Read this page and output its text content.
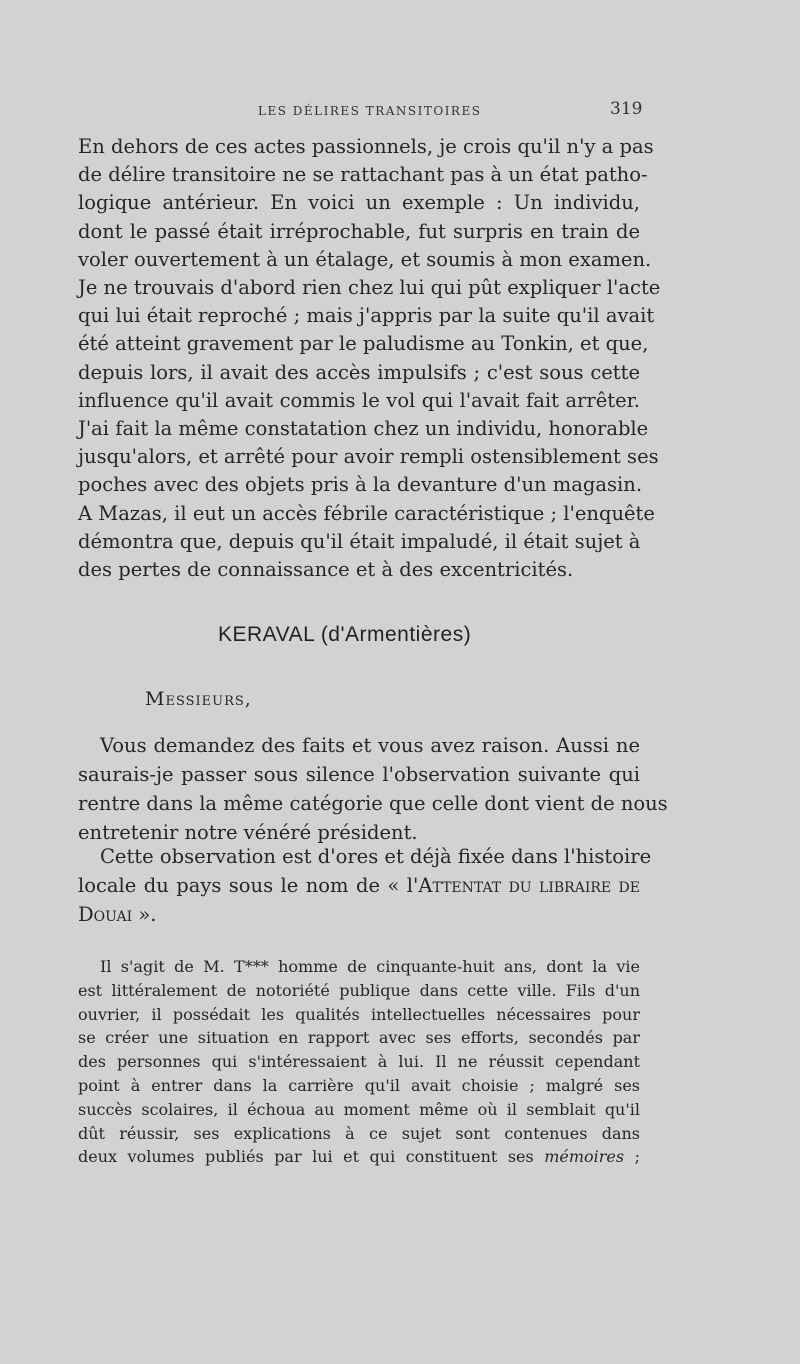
LES DÉLIRES TRANSITOIRES	319
En dehors de ces actes passionnels, je crois qu'il n'y a pas
de délire transitoire ne se rattachant pas à un état patho-
logique antérieur. En voici un exemple : Un individu,
dont le passé était irréprochable, fut surpris en train de
voler ouvertement à un étalage, et soumis à mon examen.
Je ne trouvais d'abord rien chez lui qui pût expliquer l'acte
qui lui était reproché ; mais j'appris par la suite qu'il avait
été atteint gravement par le paludisme au Tonkin, et que,
depuis lors, il avait des accès impulsifs ; c'est sous cette
influence qu'il avait commis le vol qui l'avait fait arrêter.
J'ai fait la même constatation chez un individu, honorable
jusqu'alors, et arrêté pour avoir rempli ostensiblement ses
poches avec des objets pris à la devanture d'un magasin.
A Mazas, il eut un accès fébrile caractéristique ; l'enquête
démontra que, depuis qu'il était impaludé, il était sujet à
des pertes de connaissance et à des excentricités.
KERAVAL (d'Armentières)
Messieurs,
Vous demandez des faits et vous avez raison. Aussi ne
saurais-je passer sous silence l'observation suivante qui
rentre dans la même catégorie que celle dont vient de nous
entretenir notre vénéré président.
Cette observation est d'ores et déjà fixée dans l'histoire
locale du pays sous le nom de « l'Attentat du libraire de
Douai ».
Il s'agit de M. T*** homme de cinquante-huit ans, dont la vie
est littéralement de notoriété publique dans cette ville. Fils d'un
ouvrier, il possédait les qualités intellectuelles nécessaires pour
se créer une situation en rapport avec ses efforts, secondés par
des personnes qui s'intéressaient à lui. Il ne réussit cependant
point à entrer dans la carrière qu'il avait choisie ; malgré ses
succès scolaires, il échoua au moment même où il semblait qu'il
dût réussir, ses explications à ce sujet sont contenues dans
deux volumes publiés par lui et qui constituent ses mémoires ;
